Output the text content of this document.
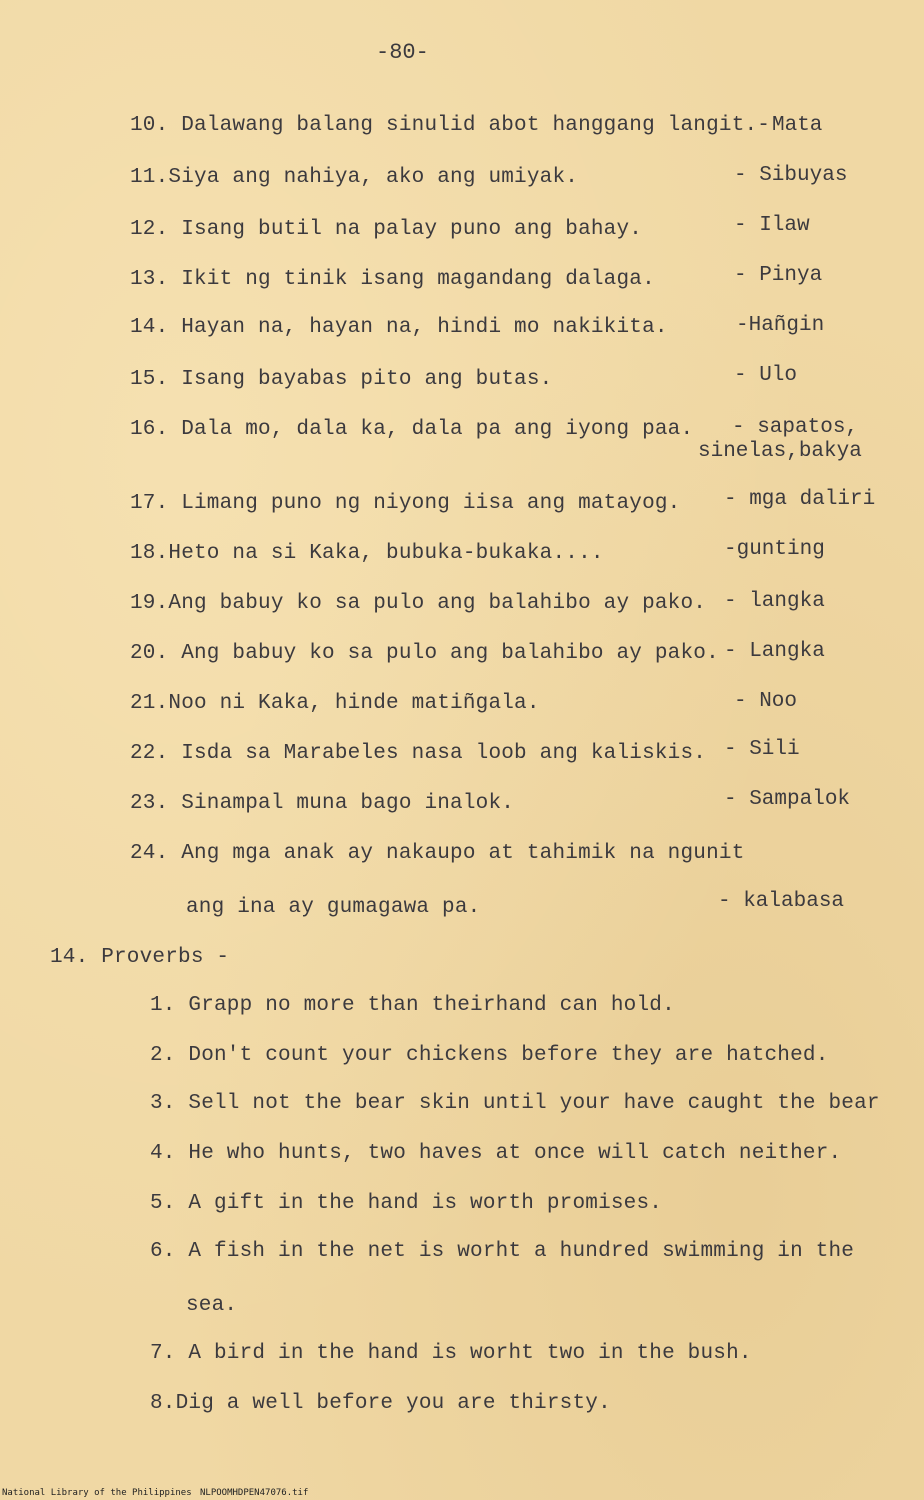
-80-
10. Dalawang balang sinulid abot hanggang langit.- Mata
11.Siya ang nahiya, ako ang umiyak.	- Sibuyas
12. Isang butil na palay puno ang bahay.	- Ilaw
13. Ikit ng tinik isang magandang dalaga.	- Pinya
14. Hayan na, hayan na, hindi mo nakikita.	-Hañgin
15. Isang bayabas pito ang butas.	- Ulo
16. Dala mo, dala ka, dala pa ang iyong paa. - sapatos,
sinelas,bakya
17. Limang puno ng niyong iisa ang matayog. - mga daliri
18.Heto na si Kaka, bubuka-bukaka....	-gunting
19.Ang babuy ko sa pulo ang balahibo ay pako. - langka
20. Ang babuy ko sa pulo ang balahibo ay pako. - Langka
21.Noo ni Kaka, hinde matiñgala.	- Noo
22. Isda sa Marabeles nasa loob ang kaliskis. - Sili
23. Sinampal muna bago inalok.	- Sampalok
24. Ang mga anak ay nakaupo at tahimik na ngunit
ang ina ay gumagawa pa.	- kalabasa
14. Proverbs -
1. Grapp no more than theirhand can hold.
2. Don't count your chickens before they are hatched.
3. Sell not the bear skin until your have caught the bear
4. He who hunts, two haves at once will catch neither.
5. A gift in the hand is worth promises.
6. A fish in the net is worht a hundred swimming in the
sea.
7. A bird in the hand is worht two in the bush.
8.Dig a well before you are thirsty.
National Library of the Philippines NLPOOMHDPEN47076.tif
